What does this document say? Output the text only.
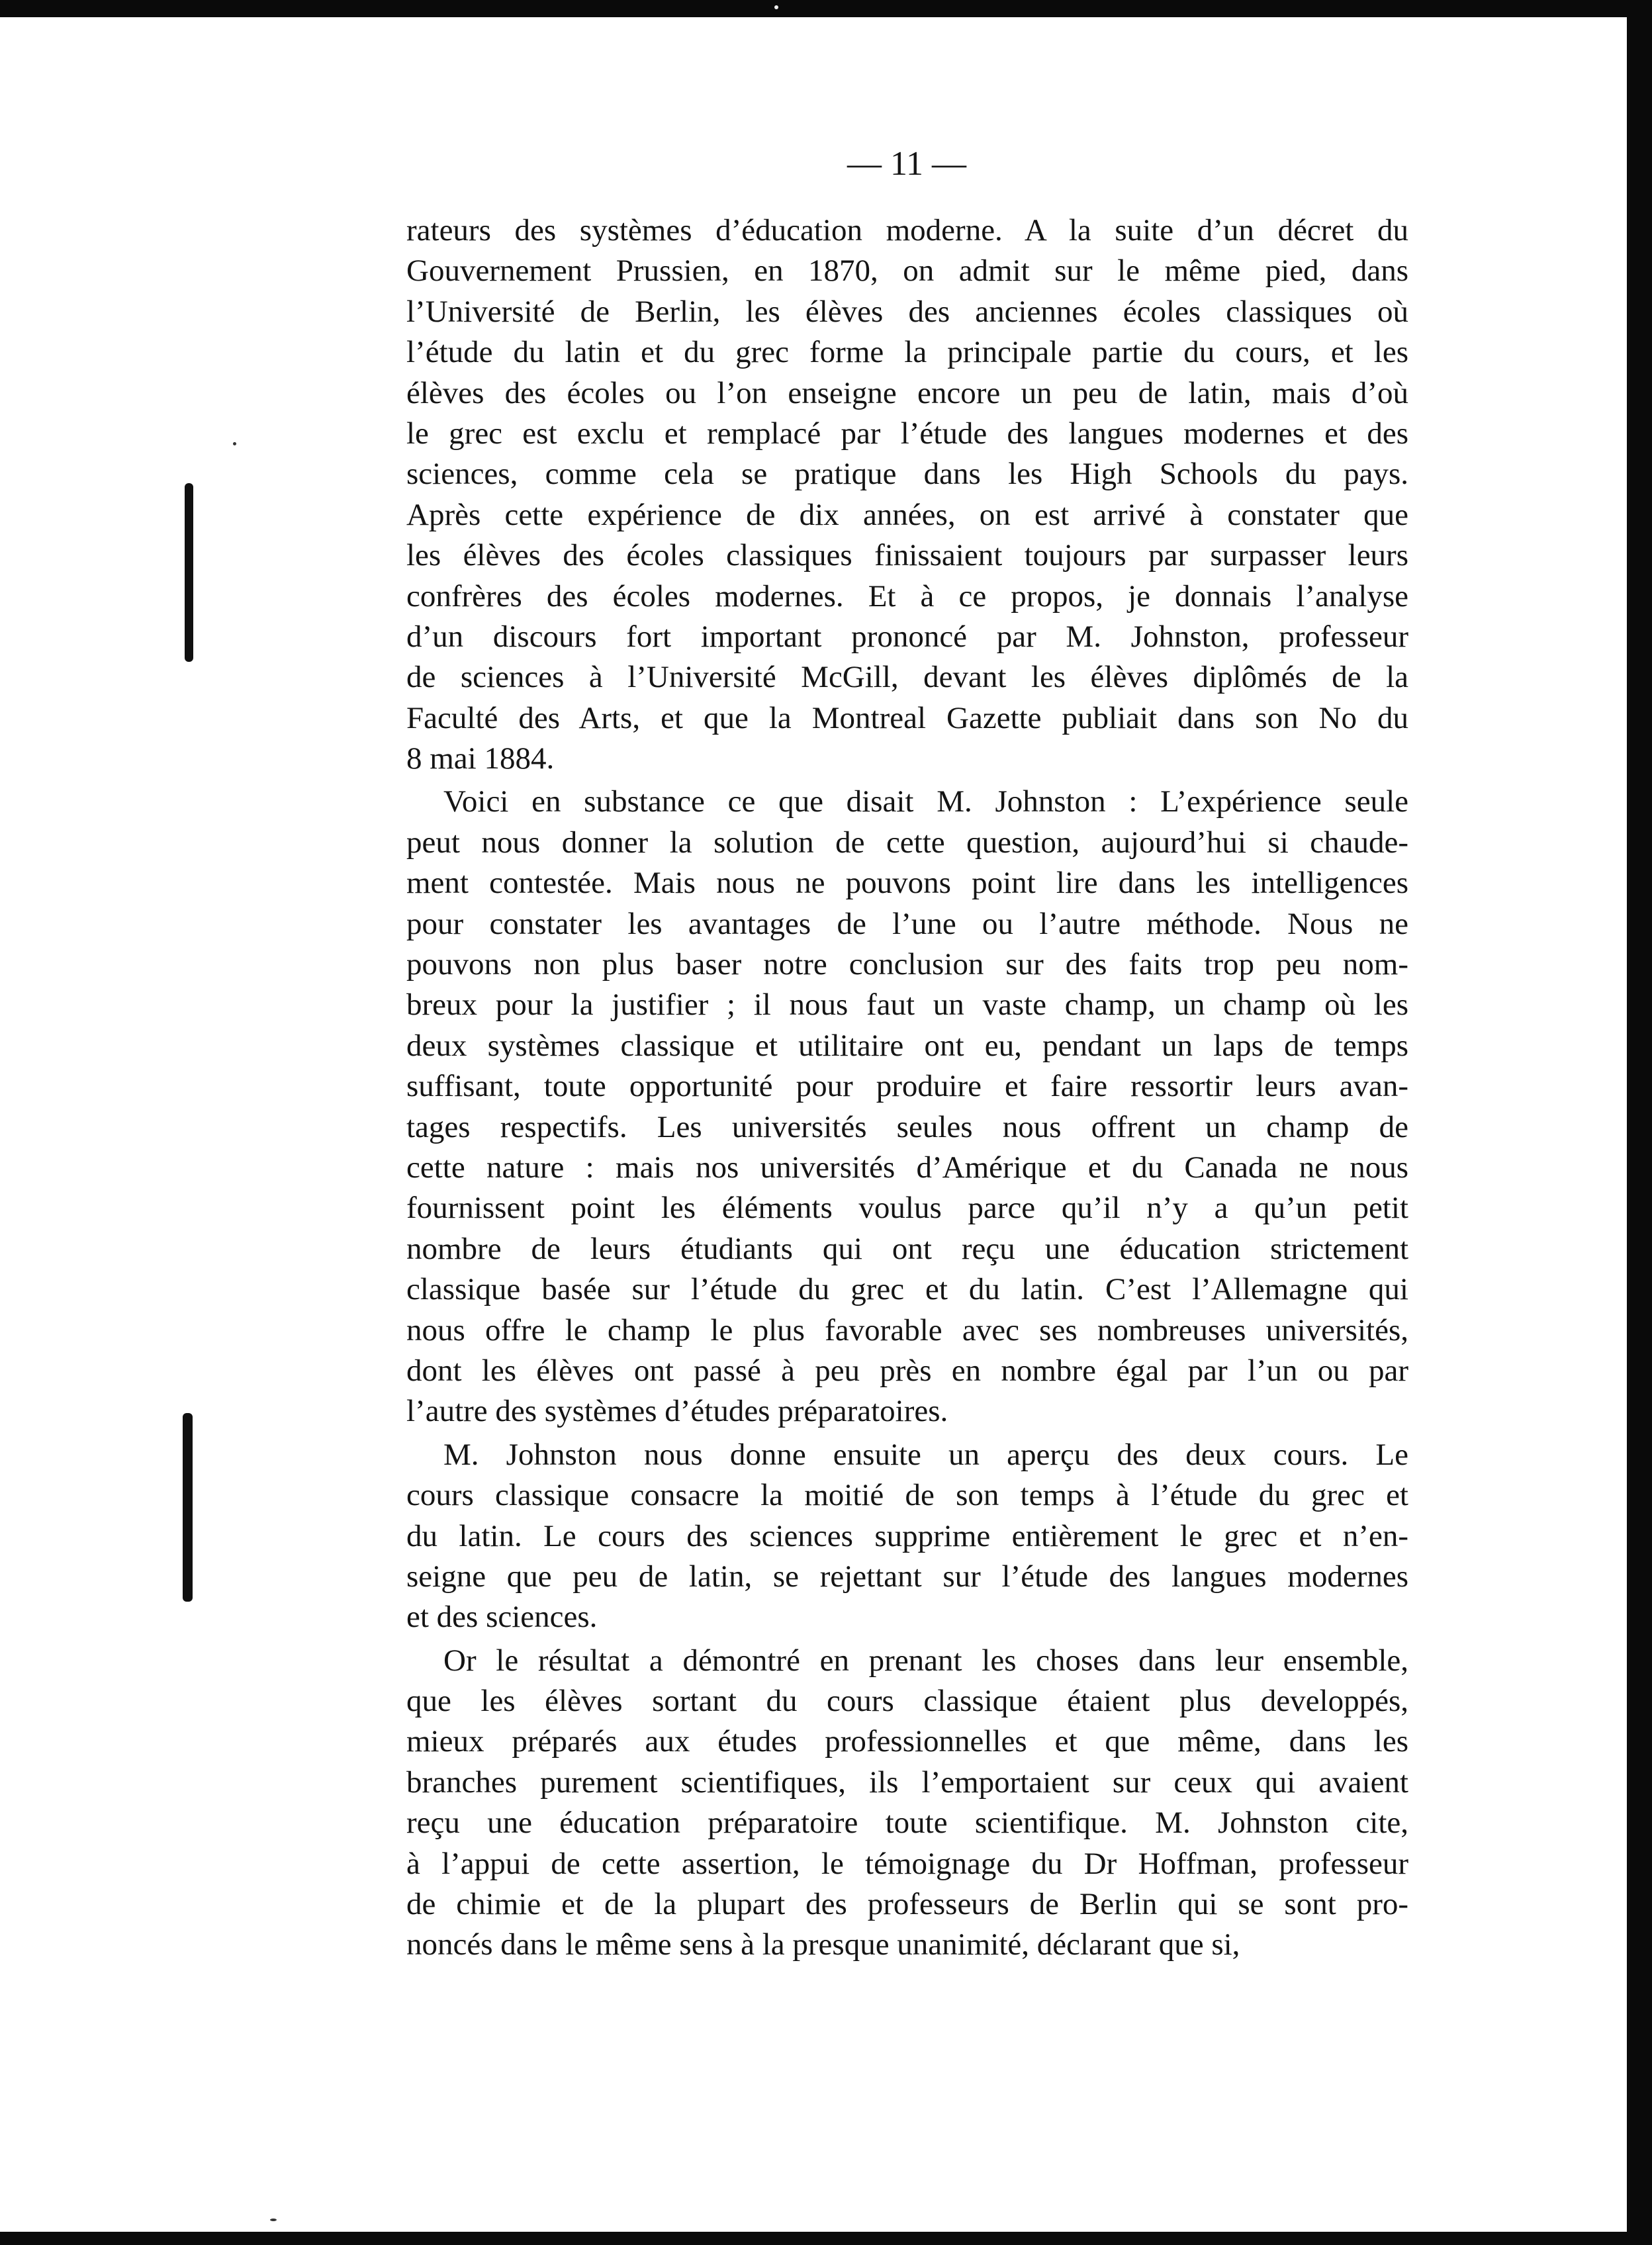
— 11 —
rateurs des systèmes d’éducation moderne. A la suite d’un décret du
Gouvernement Prussien, en 1870, on admit sur le même pied, dans
l’Université de Berlin, les élèves des anciennes écoles classiques où
l’étude du latin et du grec forme la principale partie du cours, et les
élèves des écoles ou l’on enseigne encore un peu de latin, mais d’où
le grec est exclu et remplacé par l’étude des langues modernes et des
sciences, comme cela se pratique dans les High Schools du pays.
Après cette expérience de dix années, on est arrivé à constater que
les élèves des écoles classiques finissaient toujours par surpasser leurs
confrères des écoles modernes. Et à ce propos, je donnais l’analyse
d’un discours fort important prononcé par M. Johnston, professeur
de sciences à l’Université McGill, devant les élèves diplômés de la
Faculté des Arts, et que la Montreal Gazette publiait dans son No du
8 mai 1884.
Voici en substance ce que disait M. Johnston : L’expérience seule
peut nous donner la solution de cette question, aujourd’hui si chaude-
ment contestée. Mais nous ne pouvons point lire dans les intelligences
pour constater les avantages de l’une ou l’autre méthode. Nous ne
pouvons non plus baser notre conclusion sur des faits trop peu nom-
breux pour la justifier ; il nous faut un vaste champ, un champ où les
deux systèmes classique et utilitaire ont eu, pendant un laps de temps
suffisant, toute opportunité pour produire et faire ressortir leurs avan-
tages respectifs. Les universités seules nous offrent un champ de
cette nature : mais nos universités d’Amérique et du Canada ne nous
fournissent point les éléments voulus parce qu’il n’y a qu’un petit
nombre de leurs étudiants qui ont reçu une éducation strictement
classique basée sur l’étude du grec et du latin. C’est l’Allemagne qui
nous offre le champ le plus favorable avec ses nombreuses universités,
dont les élèves ont passé à peu près en nombre égal par l’un ou par
l’autre des systèmes d’études préparatoires.
M. Johnston nous donne ensuite un aperçu des deux cours. Le
cours classique consacre la moitié de son temps à l’étude du grec et
du latin. Le cours des sciences supprime entièrement le grec et n’en-
seigne que peu de latin, se rejettant sur l’étude des langues modernes
et des sciences.
Or le résultat a démontré en prenant les choses dans leur ensemble,
que les élèves sortant du cours classique étaient plus developpés,
mieux préparés aux études professionnelles et que même, dans les
branches purement scientifiques, ils l’emportaient sur ceux qui avaient
reçu une éducation préparatoire toute scientifique. M. Johnston cite,
à l’appui de cette assertion, le témoignage du Dr Hoffman, professeur
de chimie et de la plupart des professeurs de Berlin qui se sont pro-
noncés dans le même sens à la presque unanimité, déclarant que si,
